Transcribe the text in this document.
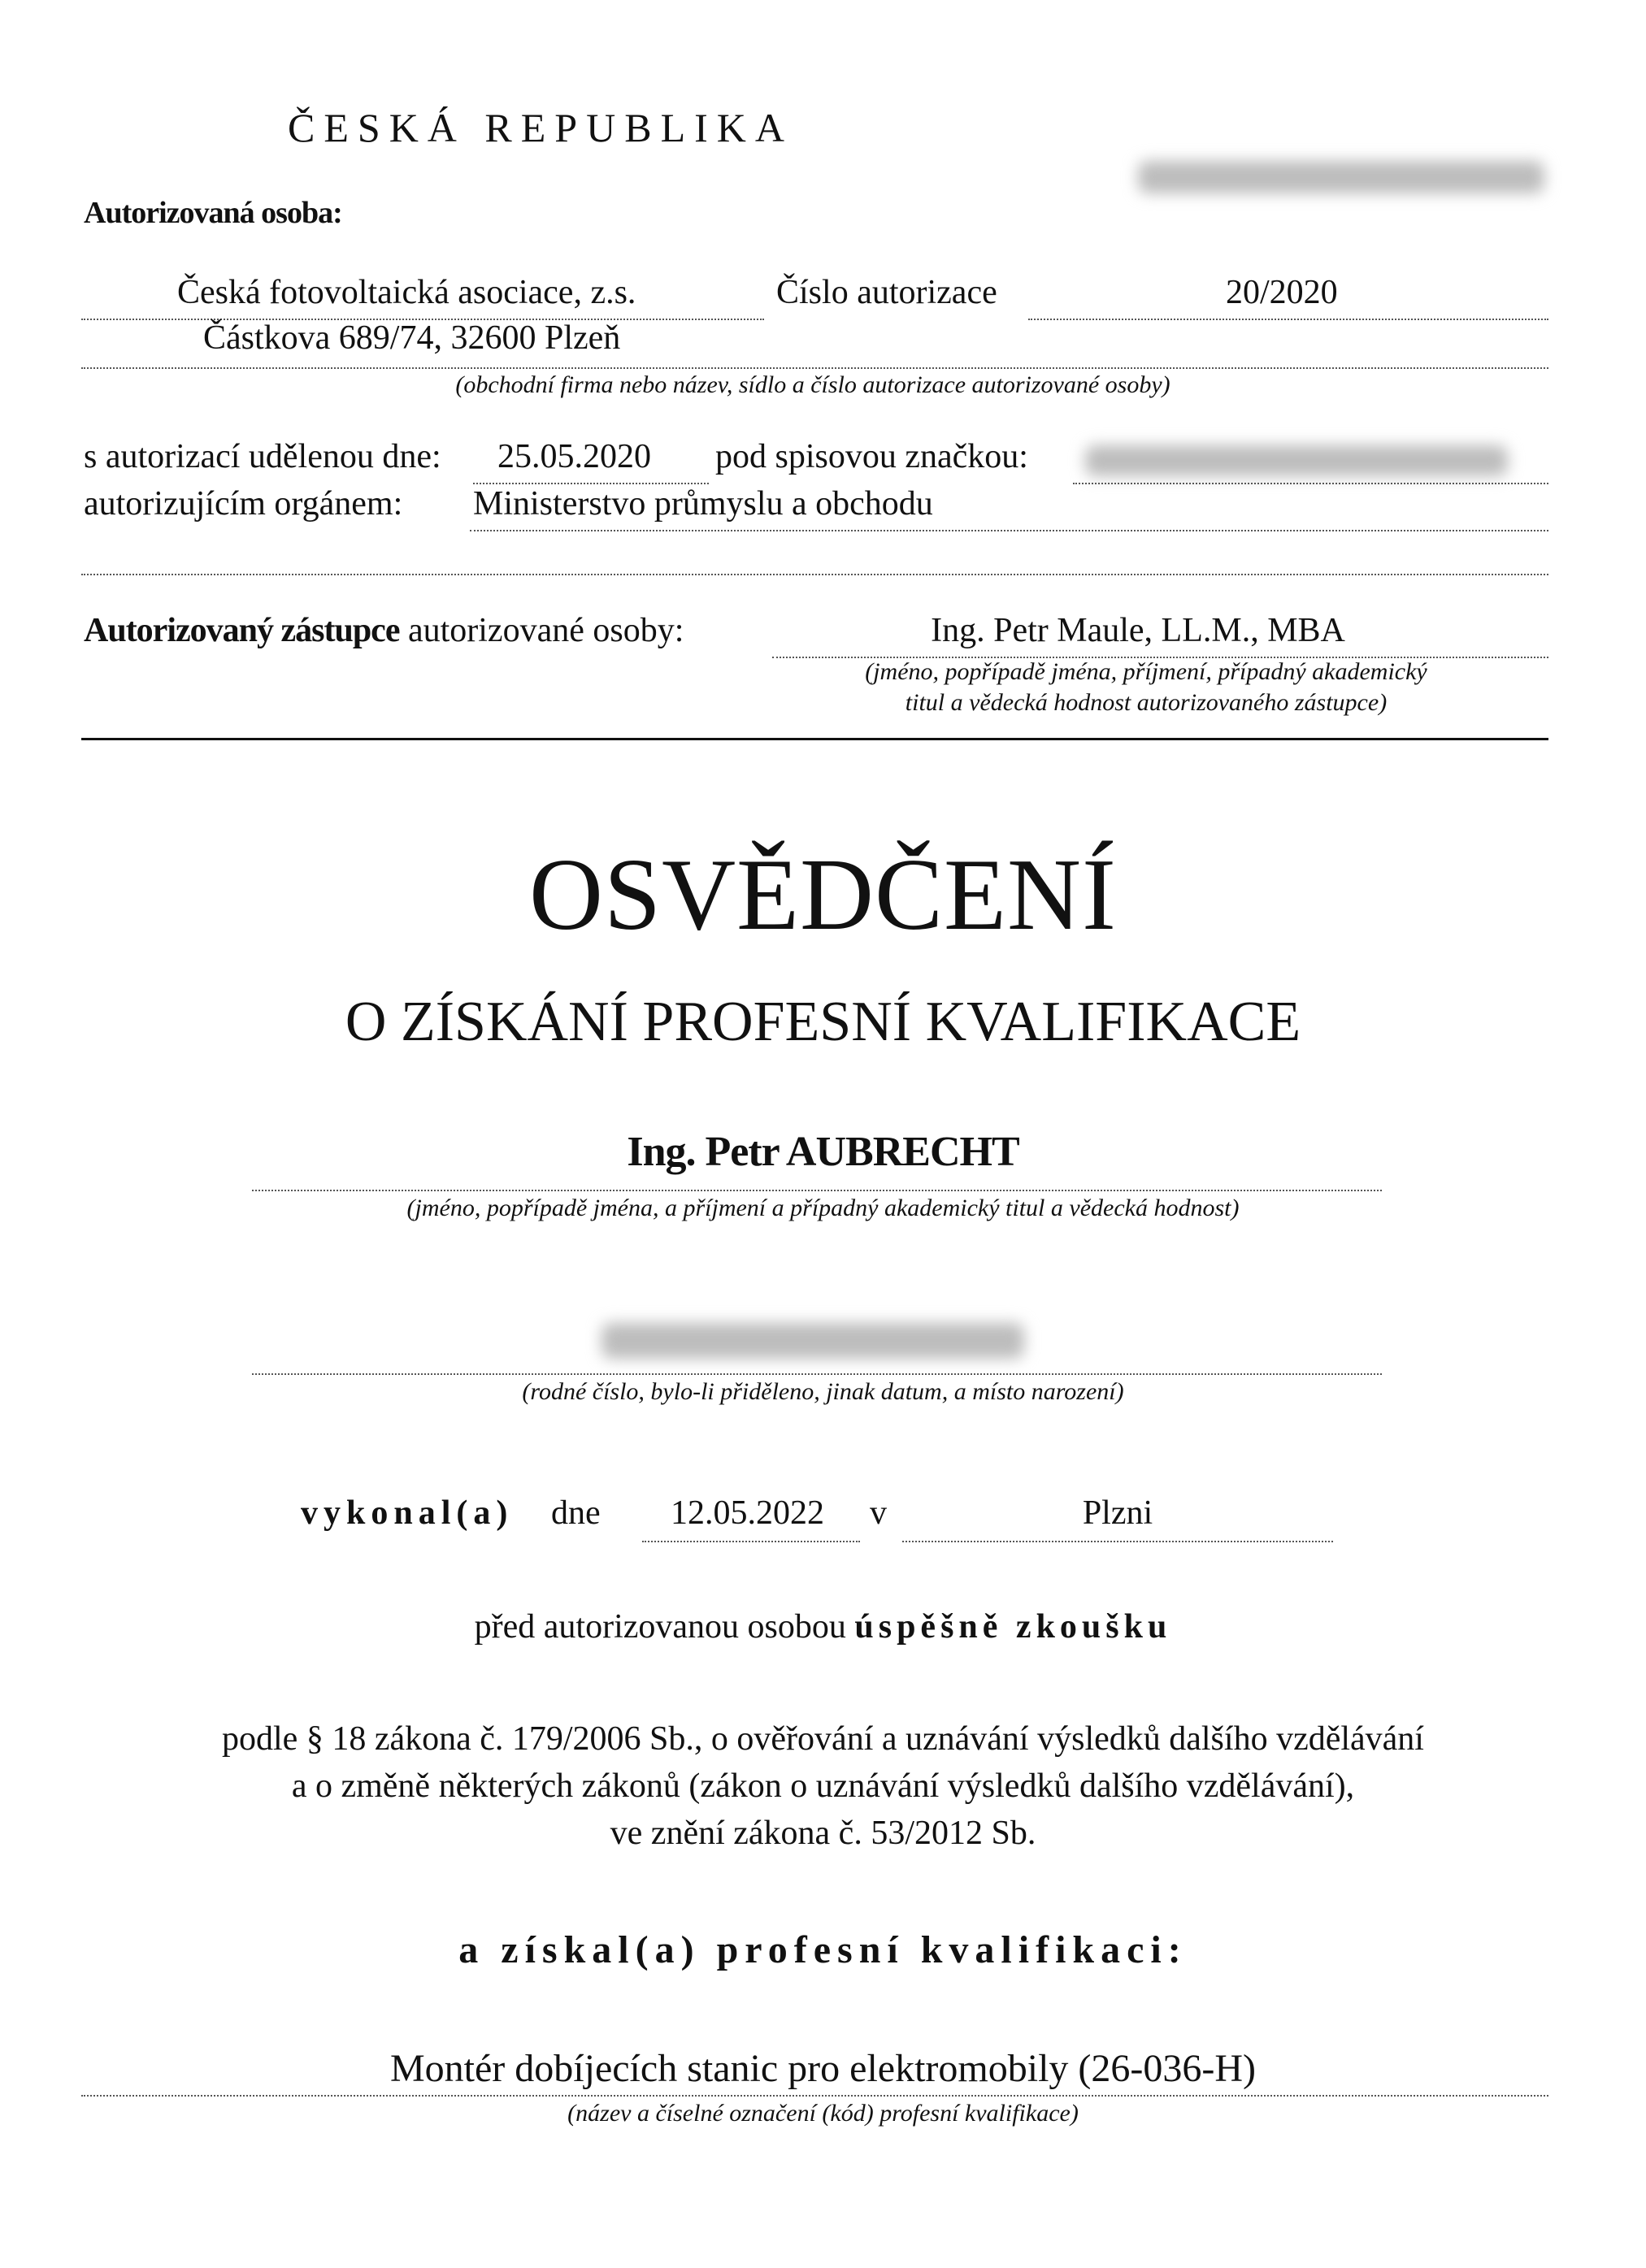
ČESKÁ REPUBLIKA
Autorizovaná osoba:
Česká fotovoltaická asociace, z.s.	Číslo autorizace	20/2020
Částkova 689/74, 32600 Plzeň
(obchodní firma nebo název, sídlo a číslo autorizace autorizované osoby)
s autorizací udělenou dne: 25.05.2020 pod spisovou značkou:
autorizujícím orgánem: Ministerstvo průmyslu a obchodu
Autorizovaný zástupce autorizované osoby:	Ing. Petr Maule, LL.M., MBA
(jméno, popřípadě jména, příjmení, případný akademický
titul a vědecká hodnost autorizovaného zástupce)
OSVĚDČENÍ
O ZÍSKÁNÍ PROFESNÍ KVALIFIKACE
Ing. Petr AUBRECHT
(jméno, popřípadě jména, a příjmení a případný akademický titul a vědecká hodnost)
(rodné číslo, bylo-li přiděleno, jinak datum, a místo narození)
vykonal(a) dne 12.05.2022 v	Plzni
před autorizovanou osobou úspěšně zkoušku
podle § 18 zákona č. 179/2006 Sb., o ověřování a uznávání výsledků dalšího vzdělávání
a o změně některých zákonů (zákon o uznávání výsledků dalšího vzdělávání),
ve znění zákona č. 53/2012 Sb.
a získal(a) profesní kvalifikaci:
Montér dobíjecích stanic pro elektromobily (26-036-H)
(název a číselné označení (kód) profesní kvalifikace)
